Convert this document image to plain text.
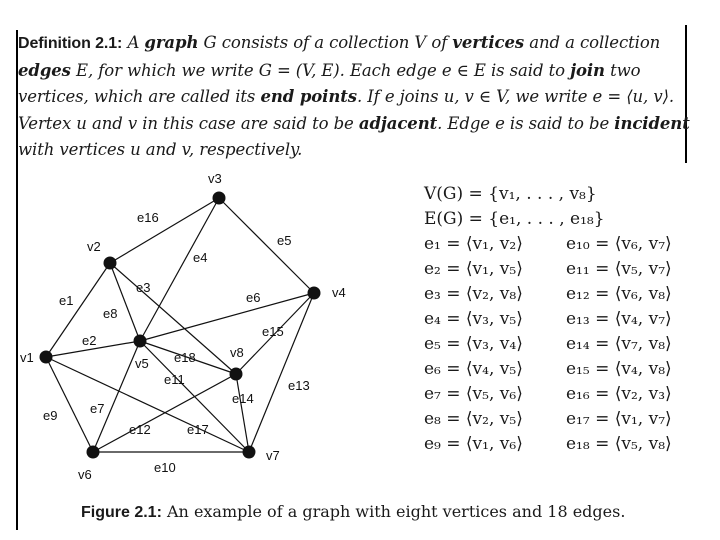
Definition 2.1: A graph G consists of a collection V of vertices and a collection
edges E, for which we write G = (V, E). Each edge e ∈ E is said to join two
vertices, which are called its end points. If e joins u, v ∈ V, we write e = ⟨u, v⟩.
Vertex u and v in this case are said to be adjacent. Edge e is said to be incident
with vertices u and v, respectively.
e1
e2
e3
e4
e5
e6
e7
e8
e9
e10
e11
e12
e13
e14
e15
e16
e17
e18
v1
v2
v3
v4
v5
v6
v7
v8
V(G) = {v₁, . . . , v₈}
E(G) = {e₁, . . . , e₁₈}
e₁ = ⟨v₁, v₂⟩	e₁₀ = ⟨v₆, v₇⟩
e₂ = ⟨v₁, v₅⟩	e₁₁ = ⟨v₅, v₇⟩
e₃ = ⟨v₂, v₈⟩	e₁₂ = ⟨v₆, v₈⟩
e₄ = ⟨v₃, v₅⟩	e₁₃ = ⟨v₄, v₇⟩
e₅ = ⟨v₃, v₄⟩	e₁₄ = ⟨v₇, v₈⟩
e₆ = ⟨v₄, v₅⟩	e₁₅ = ⟨v₄, v₈⟩
e₇ = ⟨v₅, v₆⟩	e₁₆ = ⟨v₂, v₃⟩
e₈ = ⟨v₂, v₅⟩	e₁₇ = ⟨v₁, v₇⟩
e₉ = ⟨v₁, v₆⟩	e₁₈ = ⟨v₅, v₈⟩
Figure 2.1: An example of a graph with eight vertices and 18 edges.
